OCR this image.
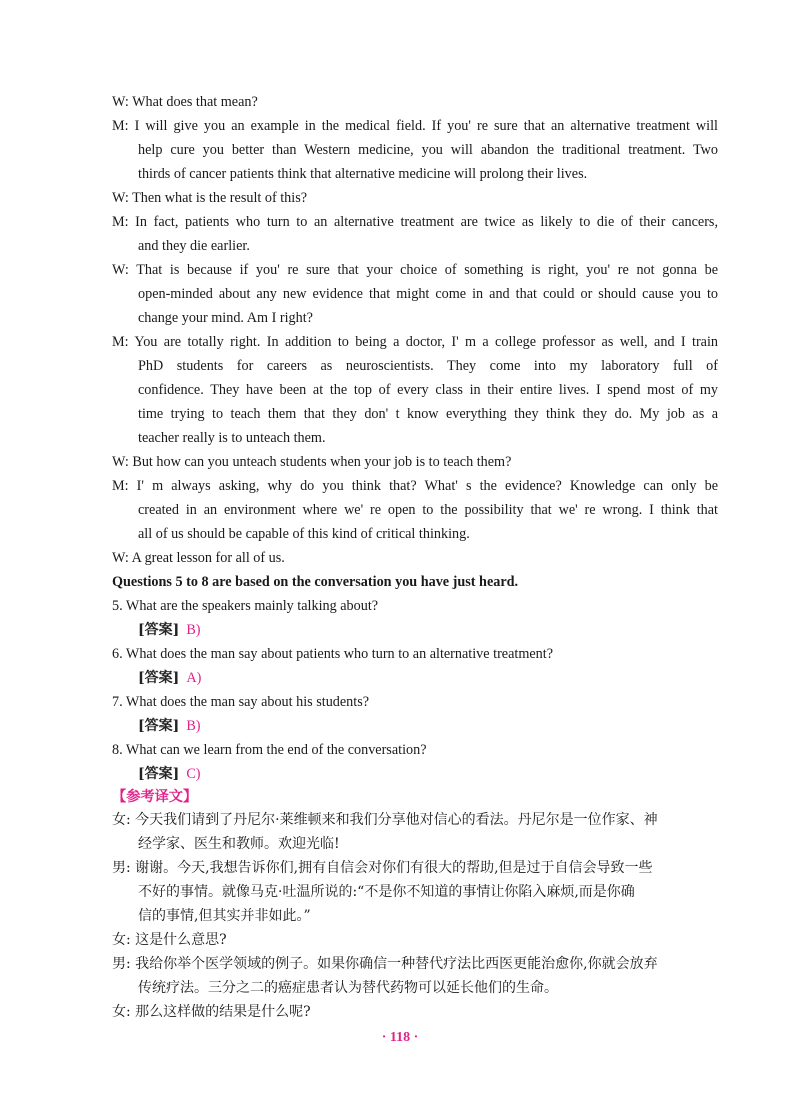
W: What does that mean?
M: I will give you an example in the medical field. If you' re sure that an alternative treatment will
help cure you better than Western medicine, you will abandon the traditional treatment. Two
thirds of cancer patients think that alternative medicine will prolong their lives.
W: Then what is the result of this?
M: In fact, patients who turn to an alternative treatment are twice as likely to die of their cancers,
and they die earlier.
W: That is because if you' re sure that your choice of something is right, you' re not gonna be
open-minded about any new evidence that might come in and that could or should cause you to
change your mind. Am I right?
M: You are totally right. In addition to being a doctor, I' m a college professor as well, and I train
PhD students for careers as neuroscientists. They come into my laboratory full of
confidence. They have been at the top of every class in their entire lives. I spend most of my
time trying to teach them that they don' t know everything they think they do. My job as a
teacher really is to unteach them.
W: But how can you unteach students when your job is to teach them?
M: I' m always asking, why do you think that? What' s the evidence? Knowledge can only be
created in an environment where we' re open to the possibility that we' re wrong. I think that
all of us should be capable of this kind of critical thinking.
W: A great lesson for all of us.
Questions 5 to 8 are based on the conversation you have just heard.
5. What are the speakers mainly talking about?
[答案] B)
6. What does the man say about patients who turn to an alternative treatment?
[答案] A)
7. What does the man say about his students?
[答案] B)
8. What can we learn from the end of the conversation?
[答案] C)
【参考译文】
女: 今天我们请到了丹尼尔·莱维顿来和我们分享他对信心的看法。丹尼尔是一位作家、神
经学家、医生和教师。欢迎光临!
男: 谢谢。今天,我想告诉你们,拥有自信会对你们有很大的帮助,但是过于自信会导致一些
不好的事情。就像马克·吐温所说的:“不是你不知道的事情让你陷入麻烦,而是你确
信的事情,但其实并非如此。”
女: 这是什么意思?
男: 我给你举个医学领域的例子。如果你确信一种替代疗法比西医更能治愈你,你就会放弃
传统疗法。三分之二的癌症患者认为替代药物可以延长他们的生命。
女: 那么这样做的结果是什么呢?
· 118 ·
